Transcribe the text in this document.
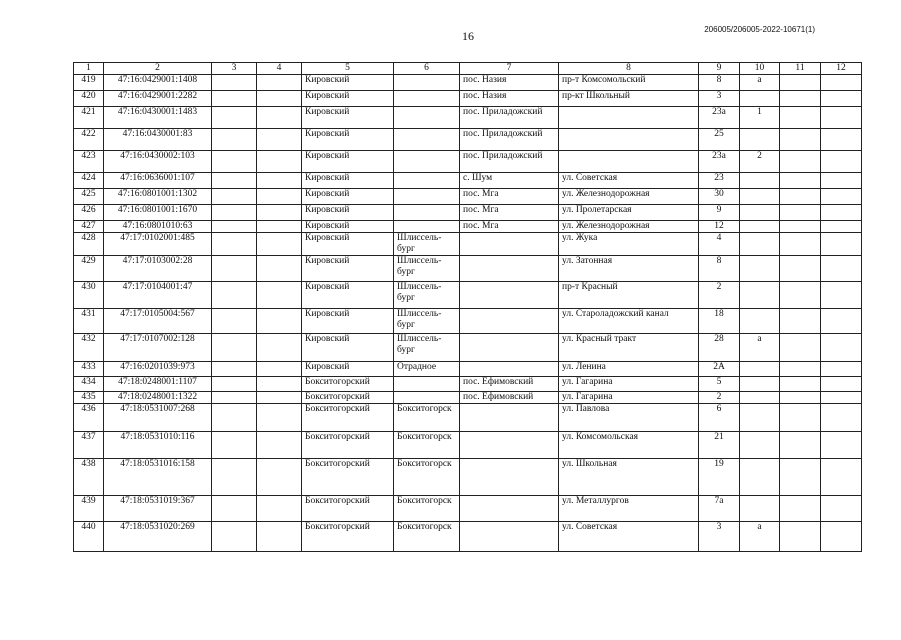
16	206005/206005-2022-10671(1)
1	2	3	4	5	6	7	8	9	10	11	12
419	47:16:0429001:1408			Кировский		пос. Назия	пр-т Комсомольский	8	а		
420	47:16:0429001:2282			Кировский		пос. Назия	пр-кт Школьный	3			
421	47:16:0430001:1483			Кировский		пос. Приладожский		23а	1		
422	47:16:0430001:83			Кировский		пос. Приладожский		25			
423	47:16:0430002:103			Кировский		пос. Приладожский		23а	2		
424	47:16:0636001:107			Кировский		с. Шум	ул. Советская	23			
425	47:16:0801001:1302			Кировский		пос. Мга	ул. Железнодорожная	30			
426	47:16:0801001:1670			Кировский		пос. Мга	ул. Пролетарская	9			
427	47:16:0801010:63			Кировский		пос. Мга	ул. Железнодорожная	12			
428	47:17:0102001:485			Кировский	Шлиссель-бург		ул. Жука	4			
429	47:17:0103002:28			Кировский	Шлиссель-бург		ул. Затонная	8			
430	47:17:0104001:47			Кировский	Шлиссель-бург		пр-т Красный	2			
431	47:17:0105004:567			Кировский	Шлиссель-бург		ул. Староладожский канал	18			
432	47:17:0107002:128			Кировский	Шлиссель-бург		ул. Красный тракт	28	а		
433	47:16:0201039:973			Кировский	Отрадное		ул. Ленина	2А			
434	47:18:0248001:1107			Бокситогорский		пос. Ефимовский	ул. Гагарина	5			
435	47:18:0248001:1322			Бокситогорский		пос. Ефимовский	ул. Гагарина	2			
436	47:18:0531007:268			Бокситогорский	Бокситогорск		ул. Павлова	6			
437	47:18:0531010:116			Бокситогорский	Бокситогорск		ул. Комсомольская	21			
438	47:18:0531016:158			Бокситогорский	Бокситогорск		ул. Школьная	19			
439	47:18:0531019:367			Бокситогорский	Бокситогорск		ул. Металлургов	7а			
440	47:18:0531020:269			Бокситогорский	Бокситогорск		ул. Советская	3	а		
